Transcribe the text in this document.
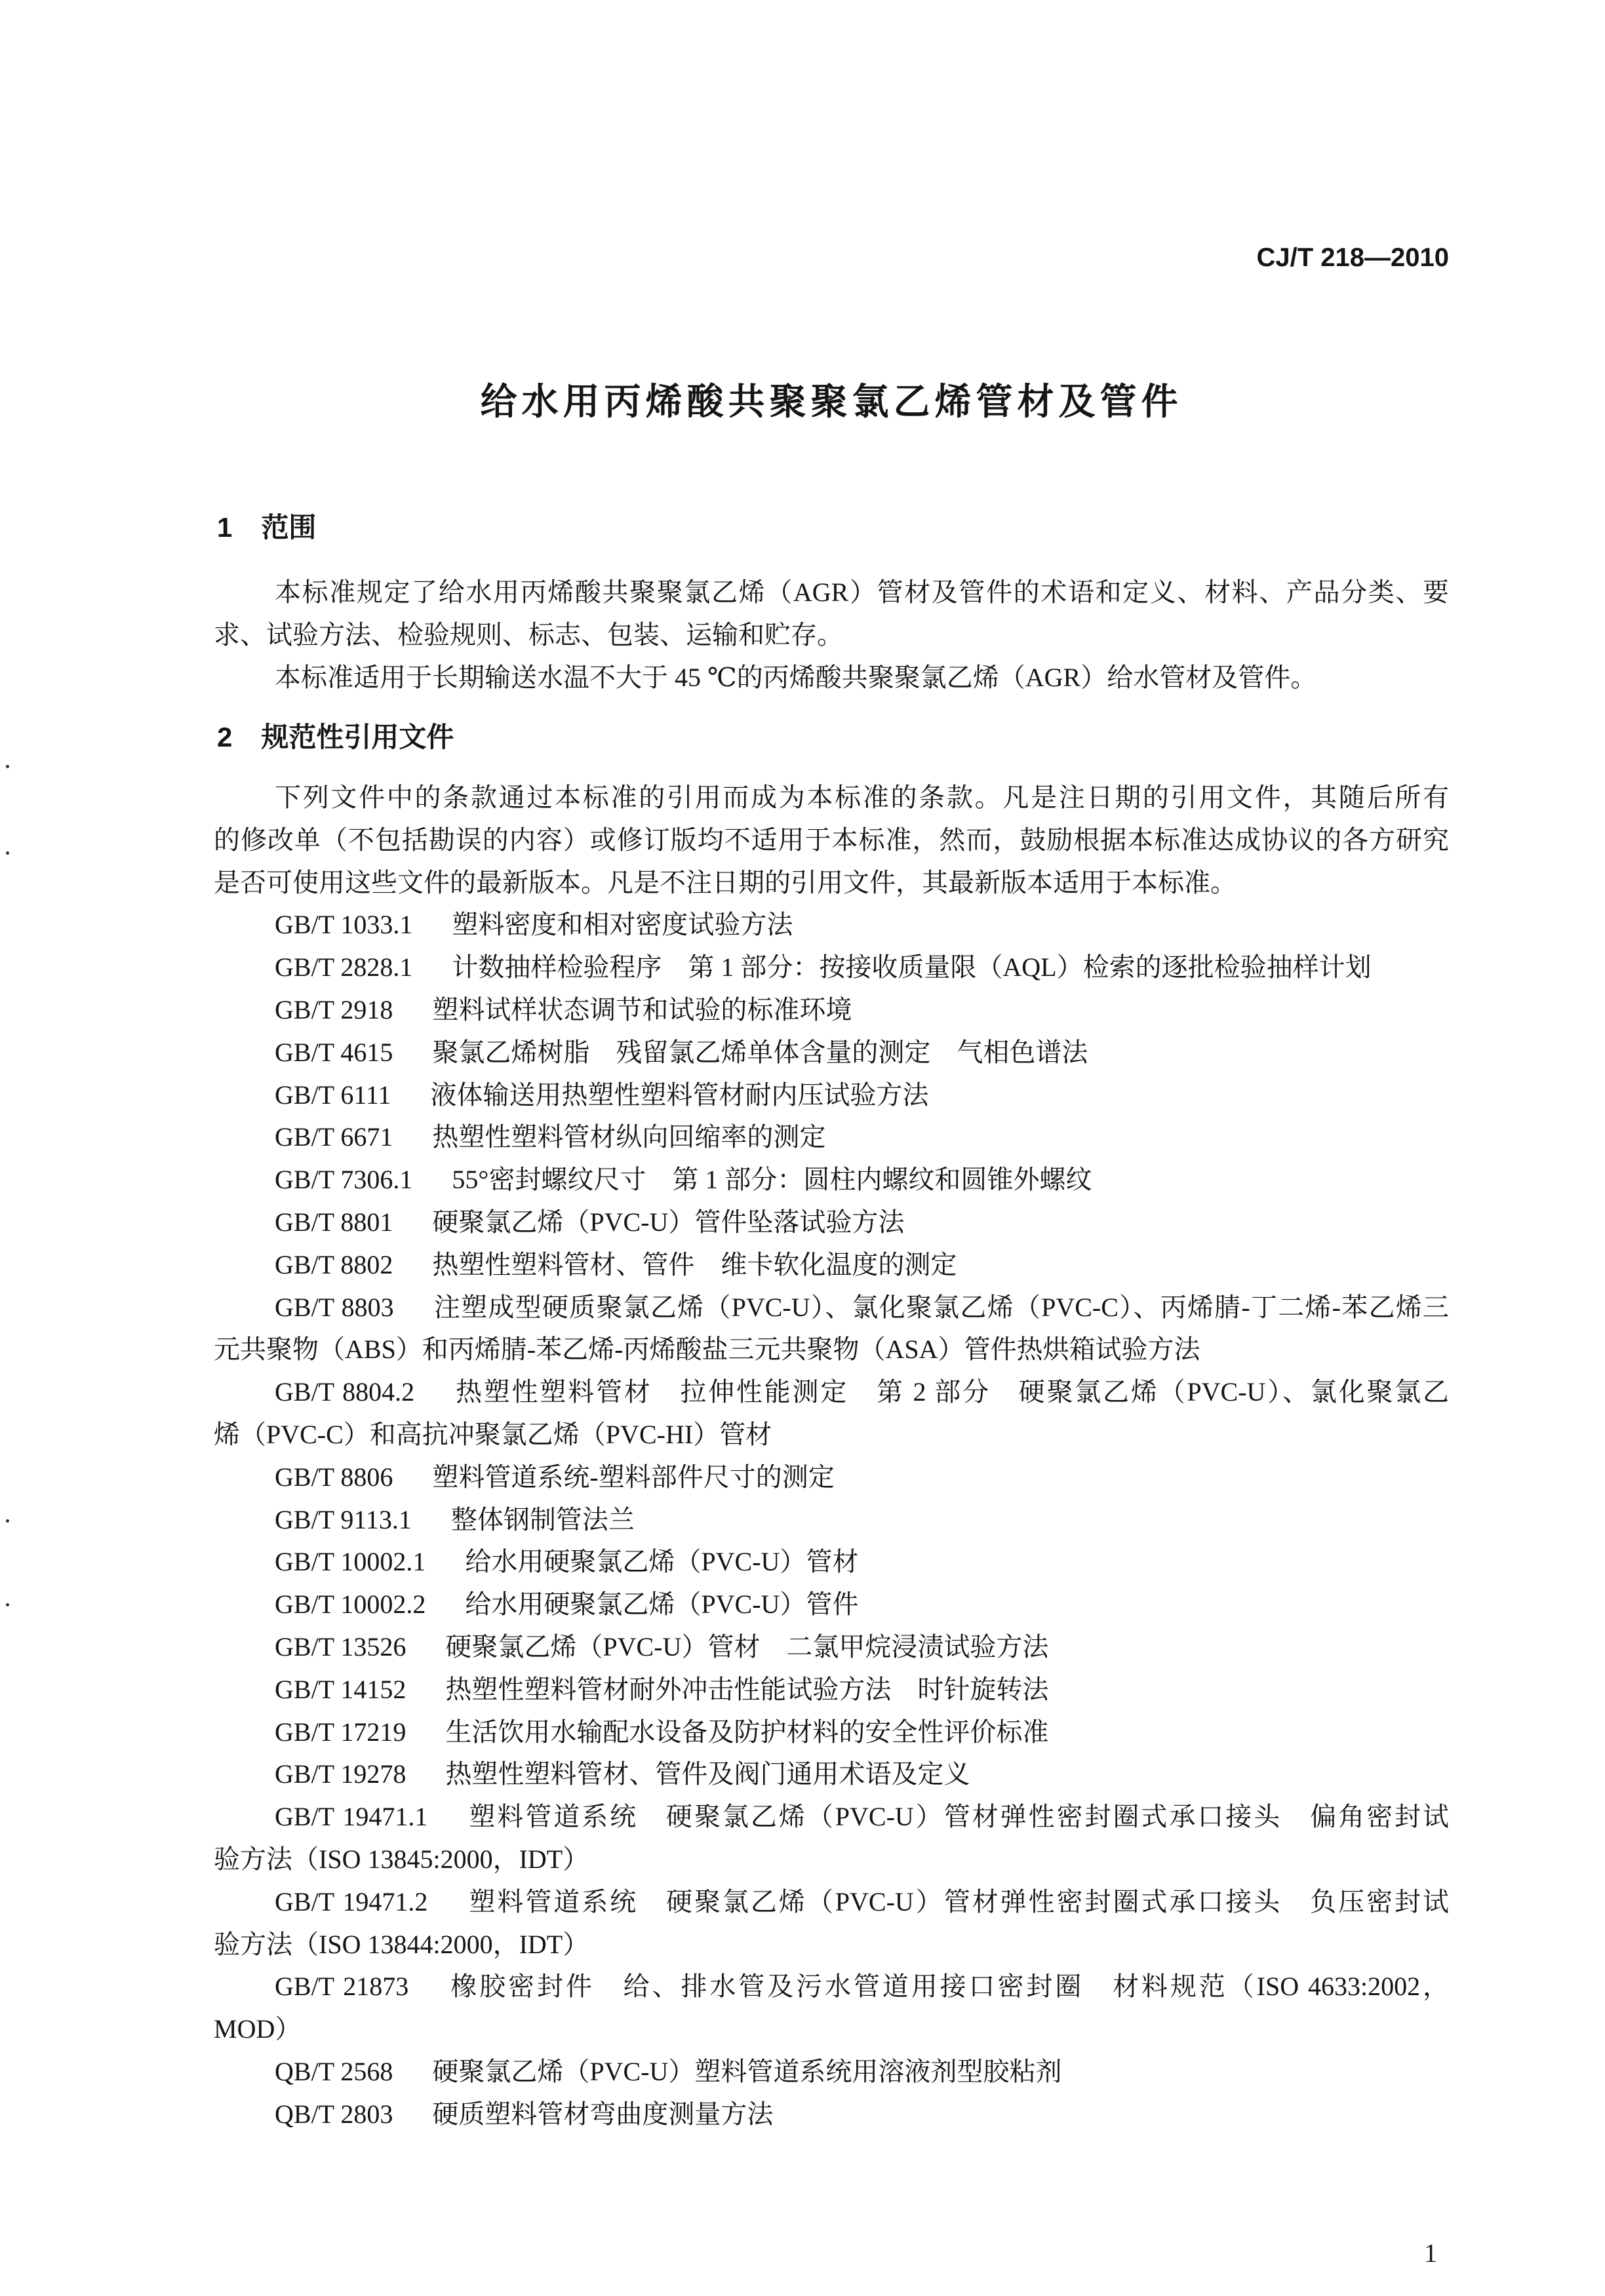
CJ/T 218—2010
给水用丙烯酸共聚聚氯乙烯管材及管件
1 范围
本标准规定了给水用丙烯酸共聚聚氯乙烯（AGR）管材及管件的术语和定义、材料、产品分类、要
求、试验方法、检验规则、标志、包装、运输和贮存。
本标准适用于长期输送水温不大于 45 ℃的丙烯酸共聚聚氯乙烯（AGR）给水管材及管件。
2 规范性引用文件
下列文件中的条款通过本标准的引用而成为本标准的条款。凡是注日期的引用文件，其随后所有
的修改单（不包括勘误的内容）或修订版均不适用于本标准，然而，鼓励根据本标准达成协议的各方研究
是否可使用这些文件的最新版本。凡是不注日期的引用文件，其最新版本适用于本标准。
GB/T 1033.1 塑料密度和相对密度试验方法
GB/T 2828.1 计数抽样检验程序　第 1 部分：按接收质量限（AQL）检索的逐批检验抽样计划
GB/T 2918 塑料试样状态调节和试验的标准环境
GB/T 4615 聚氯乙烯树脂　残留氯乙烯单体含量的测定　气相色谱法
GB/T 6111 液体输送用热塑性塑料管材耐内压试验方法
GB/T 6671 热塑性塑料管材纵向回缩率的测定
GB/T 7306.1 55°密封螺纹尺寸　第 1 部分：圆柱内螺纹和圆锥外螺纹
GB/T 8801 硬聚氯乙烯（PVC-U）管件坠落试验方法
GB/T 8802 热塑性塑料管材、管件　维卡软化温度的测定
GB/T 8803 注塑成型硬质聚氯乙烯（PVC-U）、氯化聚氯乙烯（PVC-C）、丙烯腈-丁二烯-苯乙烯三
元共聚物（ABS）和丙烯腈-苯乙烯-丙烯酸盐三元共聚物（ASA）管件热烘箱试验方法
GB/T 8804.2 热塑性塑料管材　拉伸性能测定　第 2 部分　硬聚氯乙烯（PVC-U）、氯化聚氯乙
烯（PVC-C）和高抗冲聚氯乙烯（PVC-HI）管材
GB/T 8806 塑料管道系统-塑料部件尺寸的测定
GB/T 9113.1 整体钢制管法兰
GB/T 10002.1 给水用硬聚氯乙烯（PVC-U）管材
GB/T 10002.2 给水用硬聚氯乙烯（PVC-U）管件
GB/T 13526 硬聚氯乙烯（PVC-U）管材　二氯甲烷浸渍试验方法
GB/T 14152 热塑性塑料管材耐外冲击性能试验方法　时针旋转法
GB/T 17219 生活饮用水输配水设备及防护材料的安全性评价标准
GB/T 19278 热塑性塑料管材、管件及阀门通用术语及定义
GB/T 19471.1 塑料管道系统　硬聚氯乙烯（PVC-U）管材弹性密封圈式承口接头　偏角密封试
验方法（ISO 13845:2000，IDT）
GB/T 19471.2 塑料管道系统　硬聚氯乙烯（PVC-U）管材弹性密封圈式承口接头　负压密封试
验方法（ISO 13844:2000，IDT）
GB/T 21873 橡胶密封件　给、排水管及污水管道用接口密封圈　材料规范（ISO 4633:2002，
MOD）
QB/T 2568 硬聚氯乙烯（PVC-U）塑料管道系统用溶液剂型胶粘剂
QB/T 2803 硬质塑料管材弯曲度测量方法
1
